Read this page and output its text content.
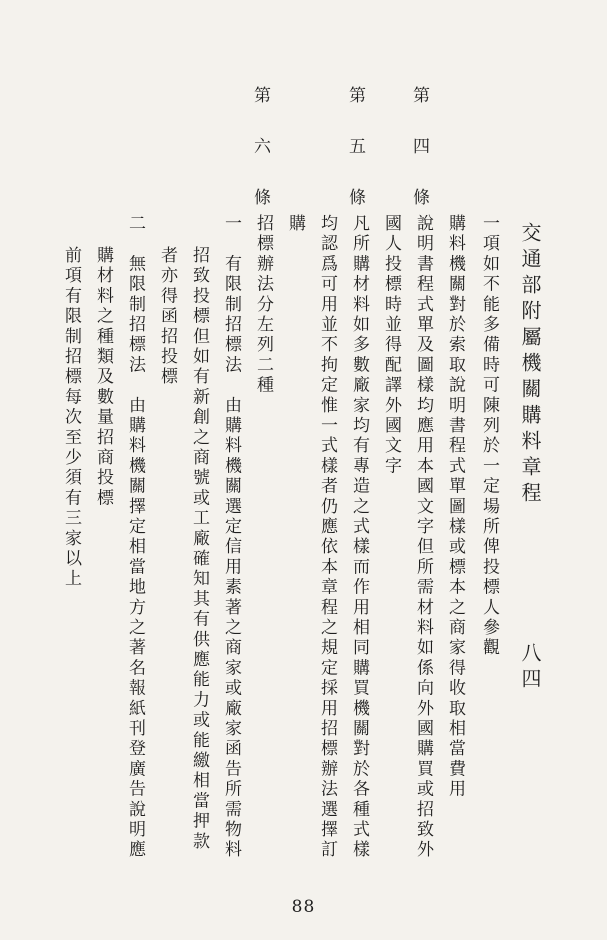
交通部附屬機關購料章程
八四
第四條
第五條
第六條
一項如不能多備時可陳列於一定場所俾投標人參觀
購料機關對於索取說明書程式單圖樣或標本之商家得收取相當費用
說明書程式單及圖樣均應用本國文字但所需材料如係向外國購買或招致外
國人投標時並得配譯外國文字
凡所購材料如多數廠家均有專造之式樣而作用相同購買機關對於各種式樣
均認爲可用並不拘定惟一式樣者仍應依本章程之規定採用招標辦法選擇訂
購
招標辦法分左列二種
一　有限制招標法　由購料機關選定信用素著之商家或廠家函告所需物料
招致投標但如有新創之商號或工廠確知其有供應能力或能繳相當押款
者亦得函招投標
二　無限制招標法　由購料機關擇定相當地方之著名報紙刊登廣告說明應
購材料之種類及數量招商投標
前項有限制招標每次至少須有三家以上
88
